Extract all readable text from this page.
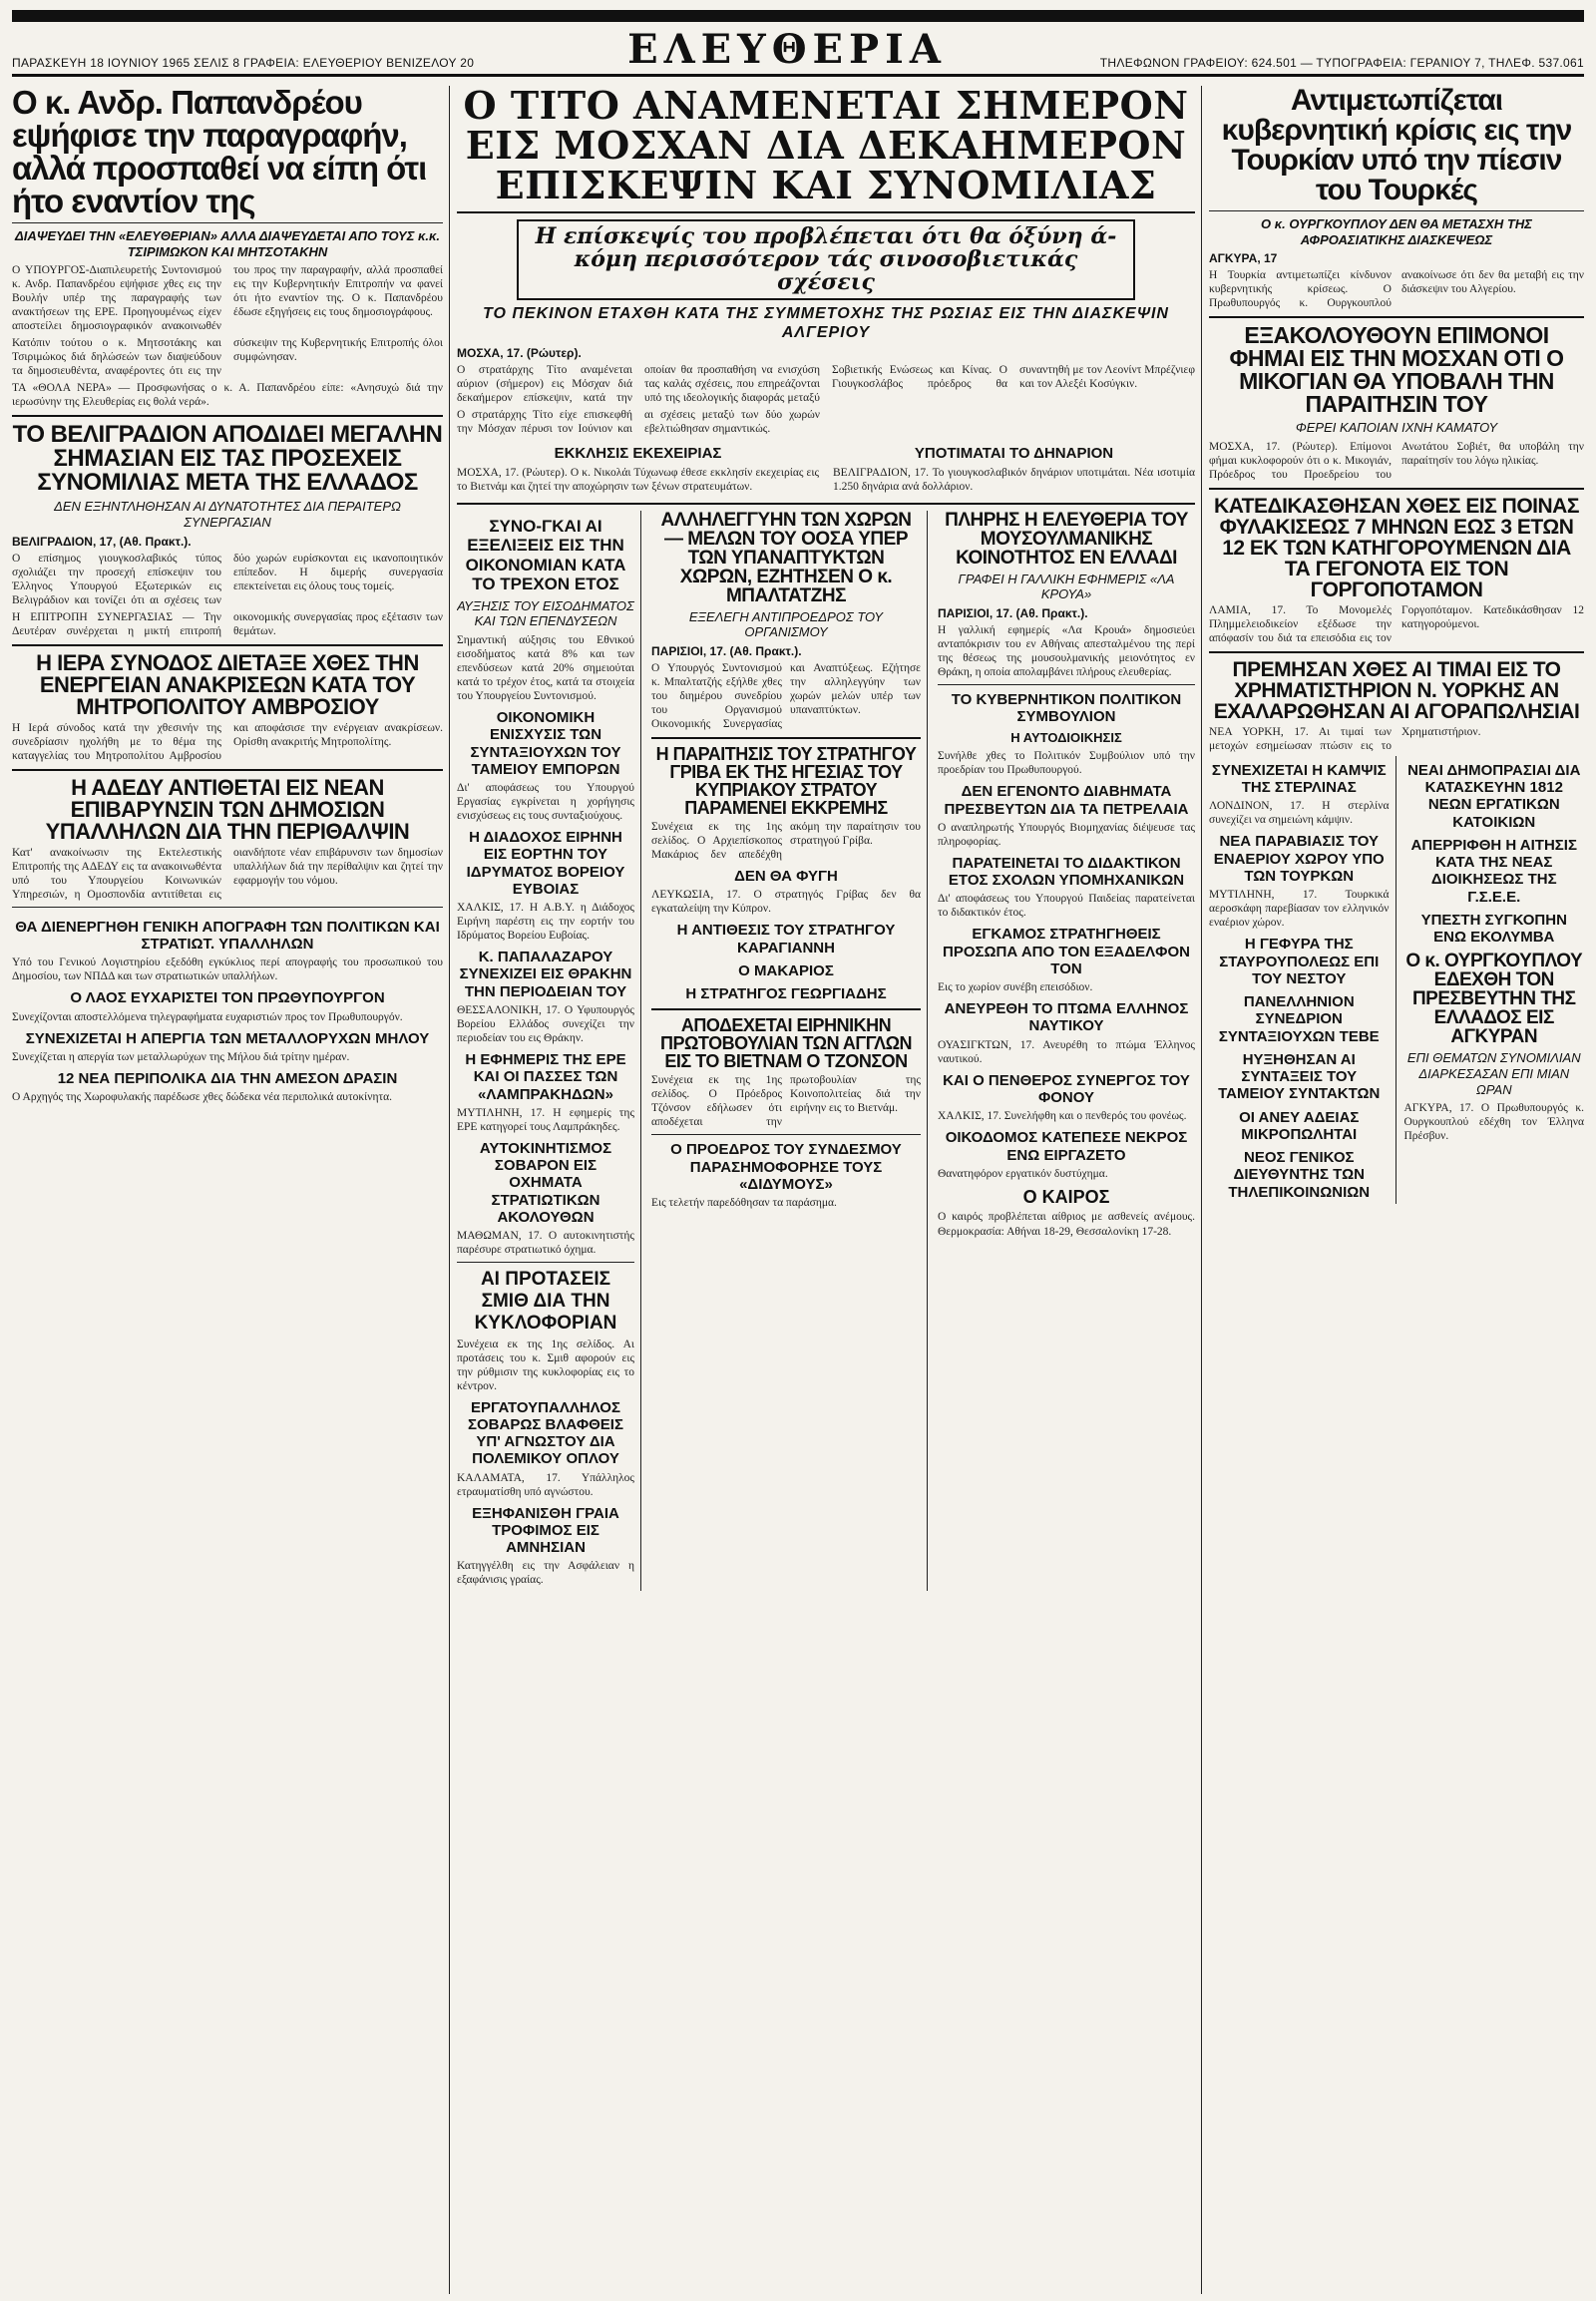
ΠΑΡΑΣΚΕΥΗ 18 ΙΟΥΝΙΟΥ 1965 ΣΕΛΙΣ 8 ΓΡΑΦΕΙΑ: ΕΛΕΥΘΕΡΙΟΥ ΒΕΝΙΖΕΛΟΥ 20	ΕΛΕΥΘΕΡΙΑ	ΤΗΛΕΦΩΝΟΝ ΓΡΑΦΕΙΟΥ: 624.501 — ΤΥΠΟΓΡΑΦΕΙΑ: ΓΕΡΑΝΙΟΥ 7, ΤΗΛΕΦ. 537.061
Ο κ. Ανδρ. Παπανδρέου εψήφισε την παραγραφήν, αλλά προσπαθεί να είπη ότι ήτο εναντίον της
ΔΙΑΨΕΥΔΕΙ ΤΗΝ «ΕΛΕΥΘΕΡΙΑΝ» ΑΛΛΑ ΔΙΑΨΕΥΔΕΤΑΙ ΑΠΟ ΤΟΥΣ κ.κ. ΤΣΙΡΙΜΩΚΟΝ ΚΑΙ ΜΗΤΣΟΤΑΚΗΝ
Ο ΥΠΟΥΡΓΟΣ-Διαπιλευρετής Συντονισμού κ. Ανδρ. Παπανδρέου εψήφισε χθες εις την Βουλήν υπέρ της παραγραφής των ανακτήσεων της ΕΡΕ. Προηγουμένως είχεν αποστείλει δημοσιογραφικόν ανακοινωθέν του προς την παραγραφήν, αλλά προσπαθεί εις την Κυβερνητικήν Επιτροπήν να φανεί ότι ήτο εναντίον της. Ο κ. Παπανδρέου έδωσε εξηγήσεις εις τους δημοσιογράφους.
Κατόπιν τούτου ο κ. Μητσοτάκης και Τσιριμώκος διά δηλώσεών των διαψεύδουν τα δημοσιευθέντα, αναφέροντες ότι εις την σύσκεψιν της Κυβερνητικής Επιτροπής όλοι συμφώνησαν.
ΤΑ «ΘΟΛΑ ΝΕΡΑ» — Προσφωνήσας ο κ. Α. Παπανδρέου είπε: «Ανησυχώ διά την ιερωσύνην της Ελευθερίας εις θολά νερά».
ΤΟ ΒΕΛΙΓΡΑΔΙΟΝ ΑΠΟΔΙΔΕΙ ΜΕΓΑΛΗΝ ΣΗΜΑΣΙΑΝ ΕΙΣ ΤΑΣ ΠΡΟΣΕΧΕΙΣ ΣΥΝΟΜΙΛΙΑΣ ΜΕΤΑ ΤΗΣ ΕΛΛΑΔΟΣ
ΔΕΝ ΕΞΗΝΤΛΗΘΗΣΑΝ ΑΙ ΔΥΝΑΤΟΤΗΤΕΣ ΔΙΑ ΠΕΡΑΙΤΕΡΩ ΣΥΝΕΡΓΑΣΙΑΝ
ΒΕΛΙΓΡΑΔΙΟΝ, 17, (Αθ. Πρακτ.).
Ο επίσημος γιουγκοσλαβικός τύπος σχολιάζει την προσεχή επίσκεψιν του Έλληνος Υπουργού Εξωτερικών εις Βελιγράδιον και τονίζει ότι αι σχέσεις των δύο χωρών ευρίσκονται εις ικανοποιητικόν επίπεδον. Η διμερής συνεργασία επεκτείνεται εις όλους τους τομείς.
Η ΕΠΙΤΡΟΠΗ ΣΥΝΕΡΓΑΣΙΑΣ — Την Δευτέραν συνέρχεται η μικτή επιτροπή οικονομικής συνεργασίας προς εξέτασιν των θεμάτων.
Η ΙΕΡΑ ΣΥΝΟΔΟΣ ΔΙΕΤΑΞΕ ΧΘΕΣ ΤΗΝ ΕΝΕΡΓΕΙΑΝ ΑΝΑΚΡΙΣΕΩΝ ΚΑΤΑ ΤΟΥ ΜΗΤΡΟΠΟΛΙΤΟΥ ΑΜΒΡΟΣΙΟΥ
Η Ιερά σύνοδος κατά την χθεσινήν της συνεδρίασιν ηχολήθη με το θέμα της καταγγελίας του Μητροπολίτου Αμβροσίου και αποφάσισε την ενέργειαν ανακρίσεων. Ορίσθη ανακριτής Μητροπολίτης.
Η ΑΔΕΔΥ ΑΝΤΙΘΕΤΑΙ ΕΙΣ ΝΕΑΝ ΕΠΙΒΑΡΥΝΣΙΝ ΤΩΝ ΔΗΜΟΣΙΩΝ ΥΠΑΛΛΗΛΩΝ ΔΙΑ ΤΗΝ ΠΕΡΙΘΑΛΨΙΝ
Κατ' ανακοίνωσιν της Εκτελεστικής Επιτροπής της ΑΔΕΔΥ εις τα ανακοινωθέντα υπό του Υπουργείου Κοινωνικών Υπηρεσιών, η Ομοσπονδία αντιτίθεται εις οιανδήποτε νέαν επιβάρυνσιν των δημοσίων υπαλλήλων διά την περίθαλψιν και ζητεί την εφαρμογήν του νόμου.
ΘΑ ΔΙΕΝΕΡΓΗΘΗ ΓΕΝΙΚΗ ΑΠΟΓΡΑΦΗ ΤΩΝ ΠΟΛΙΤΙΚΩΝ ΚΑΙ ΣΤΡΑΤΙΩΤ. ΥΠΑΛΛΗΛΩΝ
Υπό του Γενικού Λογιστηρίου εξεδόθη εγκύκλιος περί απογραφής του προσωπικού του Δημοσίου, των ΝΠΔΔ και των στρατιωτικών υπαλλήλων.
Ο ΛΑΟΣ ΕΥΧΑΡΙΣΤΕΙ ΤΟΝ ΠΡΩΘΥΠΟΥΡΓΟΝ
Συνεχίζονται αποστελλόμενα τηλεγραφήματα ευχαριστιών προς τον Πρωθυπουργόν.
ΣΥΝΕΧΙΖΕΤΑΙ Η ΑΠΕΡΓΙΑ ΤΩΝ ΜΕΤΑΛΛΟΡΥΧΩΝ ΜΗΛΟΥ
Συνεχίζεται η απεργία των μεταλλωρύχων της Μήλου διά τρίτην ημέραν.
12 ΝΕΑ ΠΕΡΙΠΟΛΙΚΑ ΔΙΑ ΤΗΝ ΑΜΕΣΟΝ ΔΡΑΣΙΝ
Ο Αρχηγός της Χωροφυλακής παρέδωσε χθες δώδεκα νέα περιπολικά αυτοκίνητα.
Ο ΤΙΤΟ ΑΝΑΜΕΝΕΤΑΙ ΣΗΜΕΡΟΝ ΕΙΣ ΜΟΣΧΑΝ ΔΙΑ ΔΕΚΑΗΜΕΡΟΝ ΕΠΙΣΚΕΨΙΝ ΚΑΙ ΣΥΝΟΜΙΛΙΑΣ
Η επίσκεψίς του προβλέπεται ότι θα όξύνη ά-κόμη περισσότερον τάς σινοσοβιετικάς σχέσεις
ΤΟ ΠΕΚΙΝΟΝ ΕΤΑΧΘΗ ΚΑΤΑ ΤΗΣ ΣΥΜΜΕΤΟΧΗΣ ΤΗΣ ΡΩΣΙΑΣ ΕΙΣ ΤΗΝ ΔΙΑΣΚΕΨΙΝ ΑΛΓΕΡΙΟΥ
ΜΟΣΧΑ, 17. (Ρώυτερ).
Ο στρατάρχης Τίτο αναμένεται αύριον (σήμερον) εις Μόσχαν διά δεκαήμερον επίσκεψιν, κατά την οποίαν θα προσπαθήση να ενισχύση τας καλάς σχέσεις, που επηρεάζονται υπό της ιδεολογικής διαφοράς μεταξύ Σοβιετικής Ενώσεως και Κίνας. Ο Γιουγκοσλάβος πρόεδρος θα συναντηθή με τον Λεονίντ Μπρέζνιεφ και τον Αλεξέι Κοσύγκιν.
Ο στρατάρχης Τίτο είχε επισκεφθή την Μόσχαν πέρυσι τον Ιούνιον και αι σχέσεις μεταξύ των δύο χωρών εβελτιώθησαν σημαντικώς.
ΕΚΚΛΗΣΙΣ ΕΚΕΧΕΙΡΙΑΣ
ΜΟΣΧΑ, 17. (Ρώυτερ). Ο κ. Νικολάι Τύχωνωφ έθεσε εκκλησίν εκεχειρίας εις το Βιετνάμ και ζητεί την αποχώρησιν των ξένων στρατευμάτων.
ΥΠΟΤΙΜΑΤΑΙ ΤΟ ΔΗΝΑΡΙΟΝ
ΒΕΛΙΓΡΑΔΙΟΝ, 17. Το γιουγκοσλαβικόν δηνάριον υποτιμάται. Νέα ισοτιμία 1.250 δηνάρια ανά δολλάριον.
ΣΥΝΟ-ΓΚΑΙ ΑΙ ΕΞΕΛΙΞΕΙΣ ΕΙΣ ΤΗΝ ΟΙΚΟΝΟΜΙΑΝ ΚΑΤΑ ΤΟ ΤΡΕΧΟΝ ΕΤΟΣ
ΑΥΞΗΣΙΣ ΤΟΥ ΕΙΣΟΔΗΜΑΤΟΣ ΚΑΙ ΤΩΝ ΕΠΕΝΔΥΣΕΩΝ
Σημαντική αύξησις του Εθνικού εισοδήματος κατά 8% και των επενδύσεων κατά 20% σημειούται κατά το τρέχον έτος, κατά τα στοιχεία του Υπουργείου Συντονισμού.
ΟΙΚΟΝΟΜΙΚΗ ΕΝΙΣΧΥΣΙΣ ΤΩΝ ΣΥΝΤΑΞΙΟΥΧΩΝ ΤΟΥ ΤΑΜΕΙΟΥ ΕΜΠΟΡΩΝ
Δι' αποφάσεως του Υπουργού Εργασίας εγκρίνεται η χορήγησις ενισχύσεως εις τους συνταξιούχους.
Η ΔΙΑΔΟΧΟΣ ΕΙΡΗΝΗ ΕΙΣ ΕΟΡΤΗΝ ΤΟΥ ΙΔΡΥΜΑΤΟΣ ΒΟΡΕΙΟΥ ΕΥΒΟΙΑΣ
ΧΑΛΚΙΣ, 17. Η Α.Β.Υ. η Διάδοχος Ειρήνη παρέστη εις την εορτήν του Ιδρύματος Βορείου Ευβοίας.
Κ. ΠΑΠΑΛΑΖΑΡΟΥ ΣΥΝΕΧΙΖΕΙ ΕΙΣ ΘΡΑΚΗΝ ΤΗΝ ΠΕΡΙΟΔΕΙΑΝ ΤΟΥ
ΘΕΣΣΑΛΟΝΙΚΗ, 17. Ο Υφυπουργός Βορείου Ελλάδος συνεχίζει την περιοδείαν του εις Θράκην.
Η ΕΦΗΜΕΡΙΣ ΤΗΣ ΕΡΕ ΚΑΙ ΟΙ ΠΑΣΣΕΣ ΤΩΝ «ΛΑΜΠΡΑΚΗΔΩΝ»
ΜΥΤΙΛΗΝΗ, 17. Η εφημερίς της ΕΡΕ κατηγορεί τους Λαμπράκηδες.
ΑΥΤΟΚΙΝΗΤΙΣΜΟΣ ΣΟΒΑΡΟΝ ΕΙΣ ΟΧΗΜΑΤΑ ΣΤΡΑΤΙΩΤΙΚΩΝ ΑΚΟΛΟΥΘΩΝ
ΜΑΘΩΜΑΝ, 17. Ο αυτοκινητιστής παρέσυρε στρατιωτικό όχημα.
ΑΙ ΠΡΟΤΑΣΕΙΣ ΣΜΙΘ ΔΙΑ ΤΗΝ ΚΥΚΛΟΦΟΡΙΑΝ
Συνέχεια εκ της 1ης σελίδος. Αι προτάσεις του κ. Σμιθ αφορούν εις την ρύθμισιν της κυκλοφορίας εις το κέντρον.
ΕΡΓΑΤΟΥΠΑΛΛΗΛΟΣ ΣΟΒΑΡΩΣ ΒΛΑΦΘΕΙΣ ΥΠ' ΑΓΝΩΣΤΟΥ ΔΙΑ ΠΟΛΕΜΙΚΟΥ ΟΠΛΟΥ
ΚΑΛΑΜΑΤΑ, 17. Υπάλληλος ετραυματίσθη υπό αγνώστου.
ΕΞΗΦΑΝΙΣΘΗ ΓΡΑΙΑ ΤΡΟΦΙΜΟΣ ΕΙΣ ΑΜΝΗΣΙΑΝ
Κατηγγέλθη εις την Ασφάλειαν η εξαφάνισις γραίας.
ΑΛΛΗΛΕΓΓΥΗΝ ΤΩΝ ΧΩΡΩΝ — ΜΕΛΩΝ ΤΟΥ ΟΟΣΑ ΥΠΕΡ ΤΩΝ ΥΠΑΝΑΠΤΥΚΤΩΝ ΧΩΡΩΝ, ΕΖΗΤΗΣΕΝ Ο κ. ΜΠΑΛΤΑΤΖΗΣ
ΕΞΕΛΕΓΗ ΑΝΤΙΠΡΟΕΔΡΟΣ ΤΟΥ ΟΡΓΑΝΙΣΜΟΥ
ΠΑΡΙΣΙΟΙ, 17. (Αθ. Πρακτ.).
Ο Υπουργός Συντονισμού κ. Μπαλτατζής εξήλθε χθες του διημέρου συνεδρίου του Οργανισμού Οικονομικής Συνεργασίας και Αναπτύξεως. Εζήτησε την αλληλεγγύην των χωρών μελών υπέρ των υπαναπτύκτων.
Η ΠΑΡΑΙΤΗΣΙΣ ΤΟΥ ΣΤΡΑΤΗΓΟΥ ΓΡΙΒΑ ΕΚ ΤΗΣ ΗΓΕΣΙΑΣ ΤΟΥ ΚΥΠΡΙΑΚΟΥ ΣΤΡΑΤΟΥ ΠΑΡΑΜΕΝΕΙ ΕΚΚΡΕΜΗΣ
Συνέχεια εκ της 1ης σελίδος. Ο Αρχιεπίσκοπος Μακάριος δεν απεδέχθη ακόμη την παραίτησιν του στρατηγού Γρίβα.
ΔΕΝ ΘΑ ΦΥΓΗ
ΛΕΥΚΩΣΙΑ, 17. Ο στρατηγός Γρίβας δεν θα εγκαταλείψη την Κύπρον.
Η ΑΝΤΙΘΕΣΙΣ ΤΟΥ ΣΤΡΑΤΗΓΟΥ ΚΑΡΑΓΙΑΝΝΗ
Ο ΜΑΚΑΡΙΟΣ
Η ΣΤΡΑΤΗΓΟΣ ΓΕΩΡΓΙΑΔΗΣ
ΑΠΟΔΕΧΕΤΑΙ ΕΙΡΗΝΙΚΗΝ ΠΡΩΤΟΒΟΥΛΙΑΝ ΤΩΝ ΑΓΓΛΩΝ ΕΙΣ ΤΟ ΒΙΕΤΝΑΜ Ο ΤΖΟΝΣΟΝ
Συνέχεια εκ της 1ης σελίδος. Ο Πρόεδρος Τζόνσον εδήλωσεν ότι αποδέχεται την πρωτοβουλίαν της Κοινοπολιτείας διά την ειρήνην εις το Βιετνάμ.
Ο ΠΡΟΕΔΡΟΣ ΤΟΥ ΣΥΝΔΕΣΜΟΥ ΠΑΡΑΣΗΜΟΦΟΡΗΣΕ ΤΟΥΣ «ΔΙΔΥΜΟΥΣ»
Εις τελετήν παρεδόθησαν τα παράσημα.
ΠΛΗΡΗΣ Η ΕΛΕΥΘΕΡΙΑ ΤΟΥ ΜΟΥΣΟΥΛΜΑΝΙΚΗΣ ΚΟΙΝΟΤΗΤΟΣ ΕΝ ΕΛΛΑΔΙ
ΓΡΑΦΕΙ Η ΓΑΛΛΙΚΗ ΕΦΗΜΕΡΙΣ «ΛΑ ΚΡΟΥΑ»
ΠΑΡΙΣΙΟΙ, 17. (Αθ. Πρακτ.).
Η γαλλική εφημερίς «Λα Κρουά» δημοσιεύει ανταπόκρισιν του εν Αθήναις απεσταλμένου της περί της θέσεως της μουσουλμανικής μειονότητος εν Θράκη, η οποία απολαμβάνει πλήρους ελευθερίας.
ΤΟ ΚΥΒΕΡΝΗΤΙΚΟΝ ΠΟΛΙΤΙΚΟΝ ΣΥΜΒΟΥΛΙΟΝ
Η ΑΥΤΟΔΙΟΙΚΗΣΙΣ
Συνήλθε χθες το Πολιτικόν Συμβούλιον υπό την προεδρίαν του Πρωθυπουργού.
ΔΕΝ ΕΓΕΝΟΝΤΟ ΔΙΑΒΗΜΑΤΑ ΠΡΕΣΒΕΥΤΩΝ ΔΙΑ ΤΑ ΠΕΤΡΕΛΑΙΑ
Ο αναπληρωτής Υπουργός Βιομηχανίας διέψευσε τας πληροφορίας.
ΠΑΡΑΤΕΙΝΕΤΑΙ ΤΟ ΔΙΔΑΚΤΙΚΟΝ ΕΤΟΣ ΣΧΟΛΩΝ ΥΠΟΜΗΧΑΝΙΚΩΝ
Δι' αποφάσεως του Υπουργού Παιδείας παρατείνεται το διδακτικόν έτος.
ΕΓΚΑΜΟΣ ΣΤΡΑΤΗΓΗΘΕΙΣ ΠΡΟΣΩΠΑ ΑΠΟ ΤΟΝ ΕΞΑΔΕΛΦΟΝ ΤΟΝ
Εις το χωρίον συνέβη επεισόδιον.
ΑΝΕΥΡΕΘΗ ΤΟ ΠΤΩΜΑ ΕΛΛΗΝΟΣ ΝΑΥΤΙΚΟΥ
ΟΥΑΣΙΓΚΤΩΝ, 17. Ανευρέθη το πτώμα Έλληνος ναυτικού.
ΚΑΙ Ο ΠΕΝΘΕΡΟΣ ΣΥΝΕΡΓΟΣ ΤΟΥ ΦΟΝΟΥ
ΧΑΛΚΙΣ, 17. Συνελήφθη και ο πενθερός του φονέως.
ΟΙΚΟΔΟΜΟΣ ΚΑΤΕΠΕΣΕ ΝΕΚΡΟΣ ΕΝΩ ΕΙΡΓΑΖΕΤΟ
Θανατηφόρον εργατικόν δυστύχημα.
Ο ΚΑΙΡΟΣ
Ο καιρός προβλέπεται αίθριος με ασθενείς ανέμους. Θερμοκρασία: Αθήναι 18-29, Θεσσαλονίκη 17-28.
Αντιμετωπίζεται κυβερνητική κρίσις εις την Τουρκίαν υπό την πίεσιν του Τουρκές
Ο κ. ΟΥΡΓΚΟΥΠΛΟΥ ΔΕΝ ΘΑ ΜΕΤΑΣΧΗ ΤΗΣ ΑΦΡΟΑΣΙΑΤΙΚΗΣ ΔΙΑΣΚΕΨΕΩΣ
ΑΓΚΥΡΑ, 17
Η Τουρκία αντιμετωπίζει κίνδυνον κυβερνητικής κρίσεως. Ο Πρωθυπουργός κ. Ουργκουπλού ανακοίνωσε ότι δεν θα μεταβή εις την διάσκεψιν του Αλγερίου.
ΕΞΑΚΟΛΟΥΘΟΥΝ ΕΠΙΜΟΝΟΙ ΦΗΜΑΙ ΕΙΣ ΤΗΝ ΜΟΣΧΑΝ ΟΤΙ Ο ΜΙΚΟΓΙΑΝ ΘΑ ΥΠΟΒΑΛΗ ΤΗΝ ΠΑΡΑΙΤΗΣΙΝ ΤΟΥ
ΦΕΡΕΙ ΚΑΠΟΙΑΝ ΙΧΝΗ ΚΑΜΑΤΟΥ
ΜΟΣΧΑ, 17. (Ρώυτερ). Επίμονοι φήμαι κυκλοφορούν ότι ο κ. Μικογιάν, Πρόεδρος του Προεδρείου του Ανωτάτου Σοβιέτ, θα υποβάλη την παραίτησίν του λόγω ηλικίας.
ΚΑΤΕΔΙΚΑΣΘΗΣΑΝ ΧΘΕΣ ΕΙΣ ΠΟΙΝΑΣ ΦΥΛΑΚΙΣΕΩΣ 7 ΜΗΝΩΝ ΕΩΣ 3 ΕΤΩΝ 12 ΕΚ ΤΩΝ ΚΑΤΗΓΟΡΟΥΜΕΝΩΝ ΔΙΑ ΤΑ ΓΕΓΟΝΟΤΑ ΕΙΣ ΤΟΝ ΓΟΡΓΟΠΟΤΑΜΟΝ
ΛΑΜΙΑ, 17. Το Μονομελές Πλημμελειοδικείον εξέδωσε την απόφασίν του διά τα επεισόδια εις τον Γοργοπόταμον. Κατεδικάσθησαν 12 κατηγορούμενοι.
ΠΡΕΜΗΣΑΝ ΧΘΕΣ ΑΙ ΤΙΜΑΙ ΕΙΣ ΤΟ ΧΡΗΜΑΤΙΣΤΗΡΙΟΝ Ν. ΥΟΡΚΗΣ ΑΝ ΕΧΑΛΑΡΩΘΗΣΑΝ ΑΙ ΑΓΟΡΑΠΩΛΗΣΙΑΙ
ΝΕΑ ΥΟΡΚΗ, 17. Αι τιμαί των μετοχών εσημείωσαν πτώσιν εις το Χρηματιστήριον.
ΣΥΝΕΧΙΖΕΤΑΙ Η ΚΑΜΨΙΣ ΤΗΣ ΣΤΕΡΛΙΝΑΣ
ΛΟΝΔΙΝΟΝ, 17. Η στερλίνα συνεχίζει να σημειώνη κάμψιν.
ΝΕΑ ΠΑΡΑΒΙΑΣΙΣ ΤΟΥ ΕΝΑΕΡΙΟΥ ΧΩΡΟΥ ΥΠΟ ΤΩΝ ΤΟΥΡΚΩΝ
ΜΥΤΙΛΗΝΗ, 17. Τουρκικά αεροσκάφη παρεβίασαν τον ελληνικόν εναέριον χώρον.
Η ΓΕΦΥΡΑ ΤΗΣ ΣΤΑΥΡΟΥΠΟΛΕΩΣ ΕΠΙ ΤΟΥ ΝΕΣΤΟΥ
ΠΑΝΕΛΛΗΝΙΟΝ ΣΥΝΕΔΡΙΟΝ ΣΥΝΤΑΞΙΟΥΧΩΝ ΤΕΒΕ
ΗΥΞΗΘΗΣΑΝ ΑΙ ΣΥΝΤΑΞΕΙΣ ΤΟΥ ΤΑΜΕΙΟΥ ΣΥΝΤΑΚΤΩΝ
ΟΙ ΑΝΕΥ ΑΔΕΙΑΣ ΜΙΚΡΟΠΩΛΗΤΑΙ
ΝΕΟΣ ΓΕΝΙΚΟΣ ΔΙΕΥΘΥΝΤΗΣ ΤΩΝ ΤΗΛΕΠΙΚΟΙΝΩΝΙΩΝ
ΝΕΑΙ ΔΗΜΟΠΡΑΣΙΑΙ ΔΙΑ ΚΑΤΑΣΚΕΥΗΝ 1812 ΝΕΩΝ ΕΡΓΑΤΙΚΩΝ ΚΑΤΟΙΚΙΩΝ
ΑΠΕΡΡΙΦΘΗ Η ΑΙΤΗΣΙΣ ΚΑΤΑ ΤΗΣ ΝΕΑΣ ΔΙΟΙΚΗΣΕΩΣ ΤΗΣ Γ.Σ.Ε.Ε.
ΥΠΕΣΤΗ ΣΥΓΚΟΠΗΝ ΕΝΩ ΕΚΟΛΥΜΒΑ
Ο κ. ΟΥΡΓΚΟΥΠΛΟΥ ΕΔΕΧΘΗ ΤΟΝ ΠΡΕΣΒΕΥΤΗΝ ΤΗΣ ΕΛΛΑΔΟΣ ΕΙΣ ΑΓΚΥΡΑΝ
ΕΠΙ ΘΕΜΑΤΩΝ ΣΥΝΟΜΙΛΙΑΝ ΔΙΑΡΚΕΣΑΣΑΝ ΕΠΙ ΜΙΑΝ ΩΡΑΝ
ΑΓΚΥΡΑ, 17. Ο Πρωθυπουργός κ. Ουργκουπλού εδέχθη τον Έλληνα Πρέσβυν.
